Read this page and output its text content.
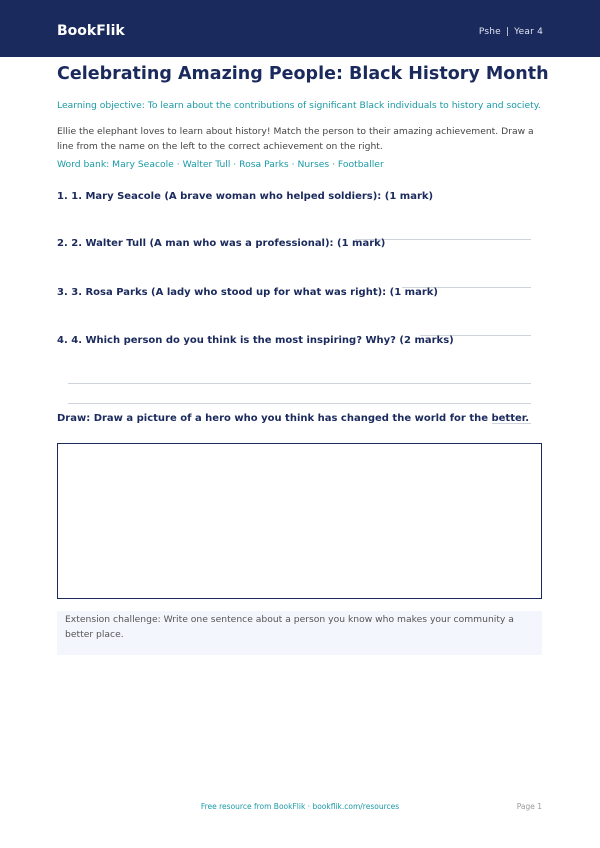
BookFlik	Pshe | Year 4
Celebrating Amazing People: Black History Month
Learning objective: To learn about the contributions of significant Black individuals to history and society.
Ellie the elephant loves to learn about history! Match the person to their amazing achievement. Draw a line from the name on the left to the correct achievement on the right.
Word bank: Mary Seacole · Walter Tull · Rosa Parks · Nurses · Footballer
1. 1. Mary Seacole (A brave woman who helped soldiers): (1 mark)
2. 2. Walter Tull (A man who was a professional): (1 mark)
3. 3. Rosa Parks (A lady who stood up for what was right): (1 mark)
4. 4. Which person do you think is the most inspiring? Why? (2 marks)
Draw: Draw a picture of a hero who you think has changed the world for the better.
Extension challenge: Write one sentence about a person you know who makes your community a better place.
Free resource from BookFlik · bookflik.com/resources	Page 1
